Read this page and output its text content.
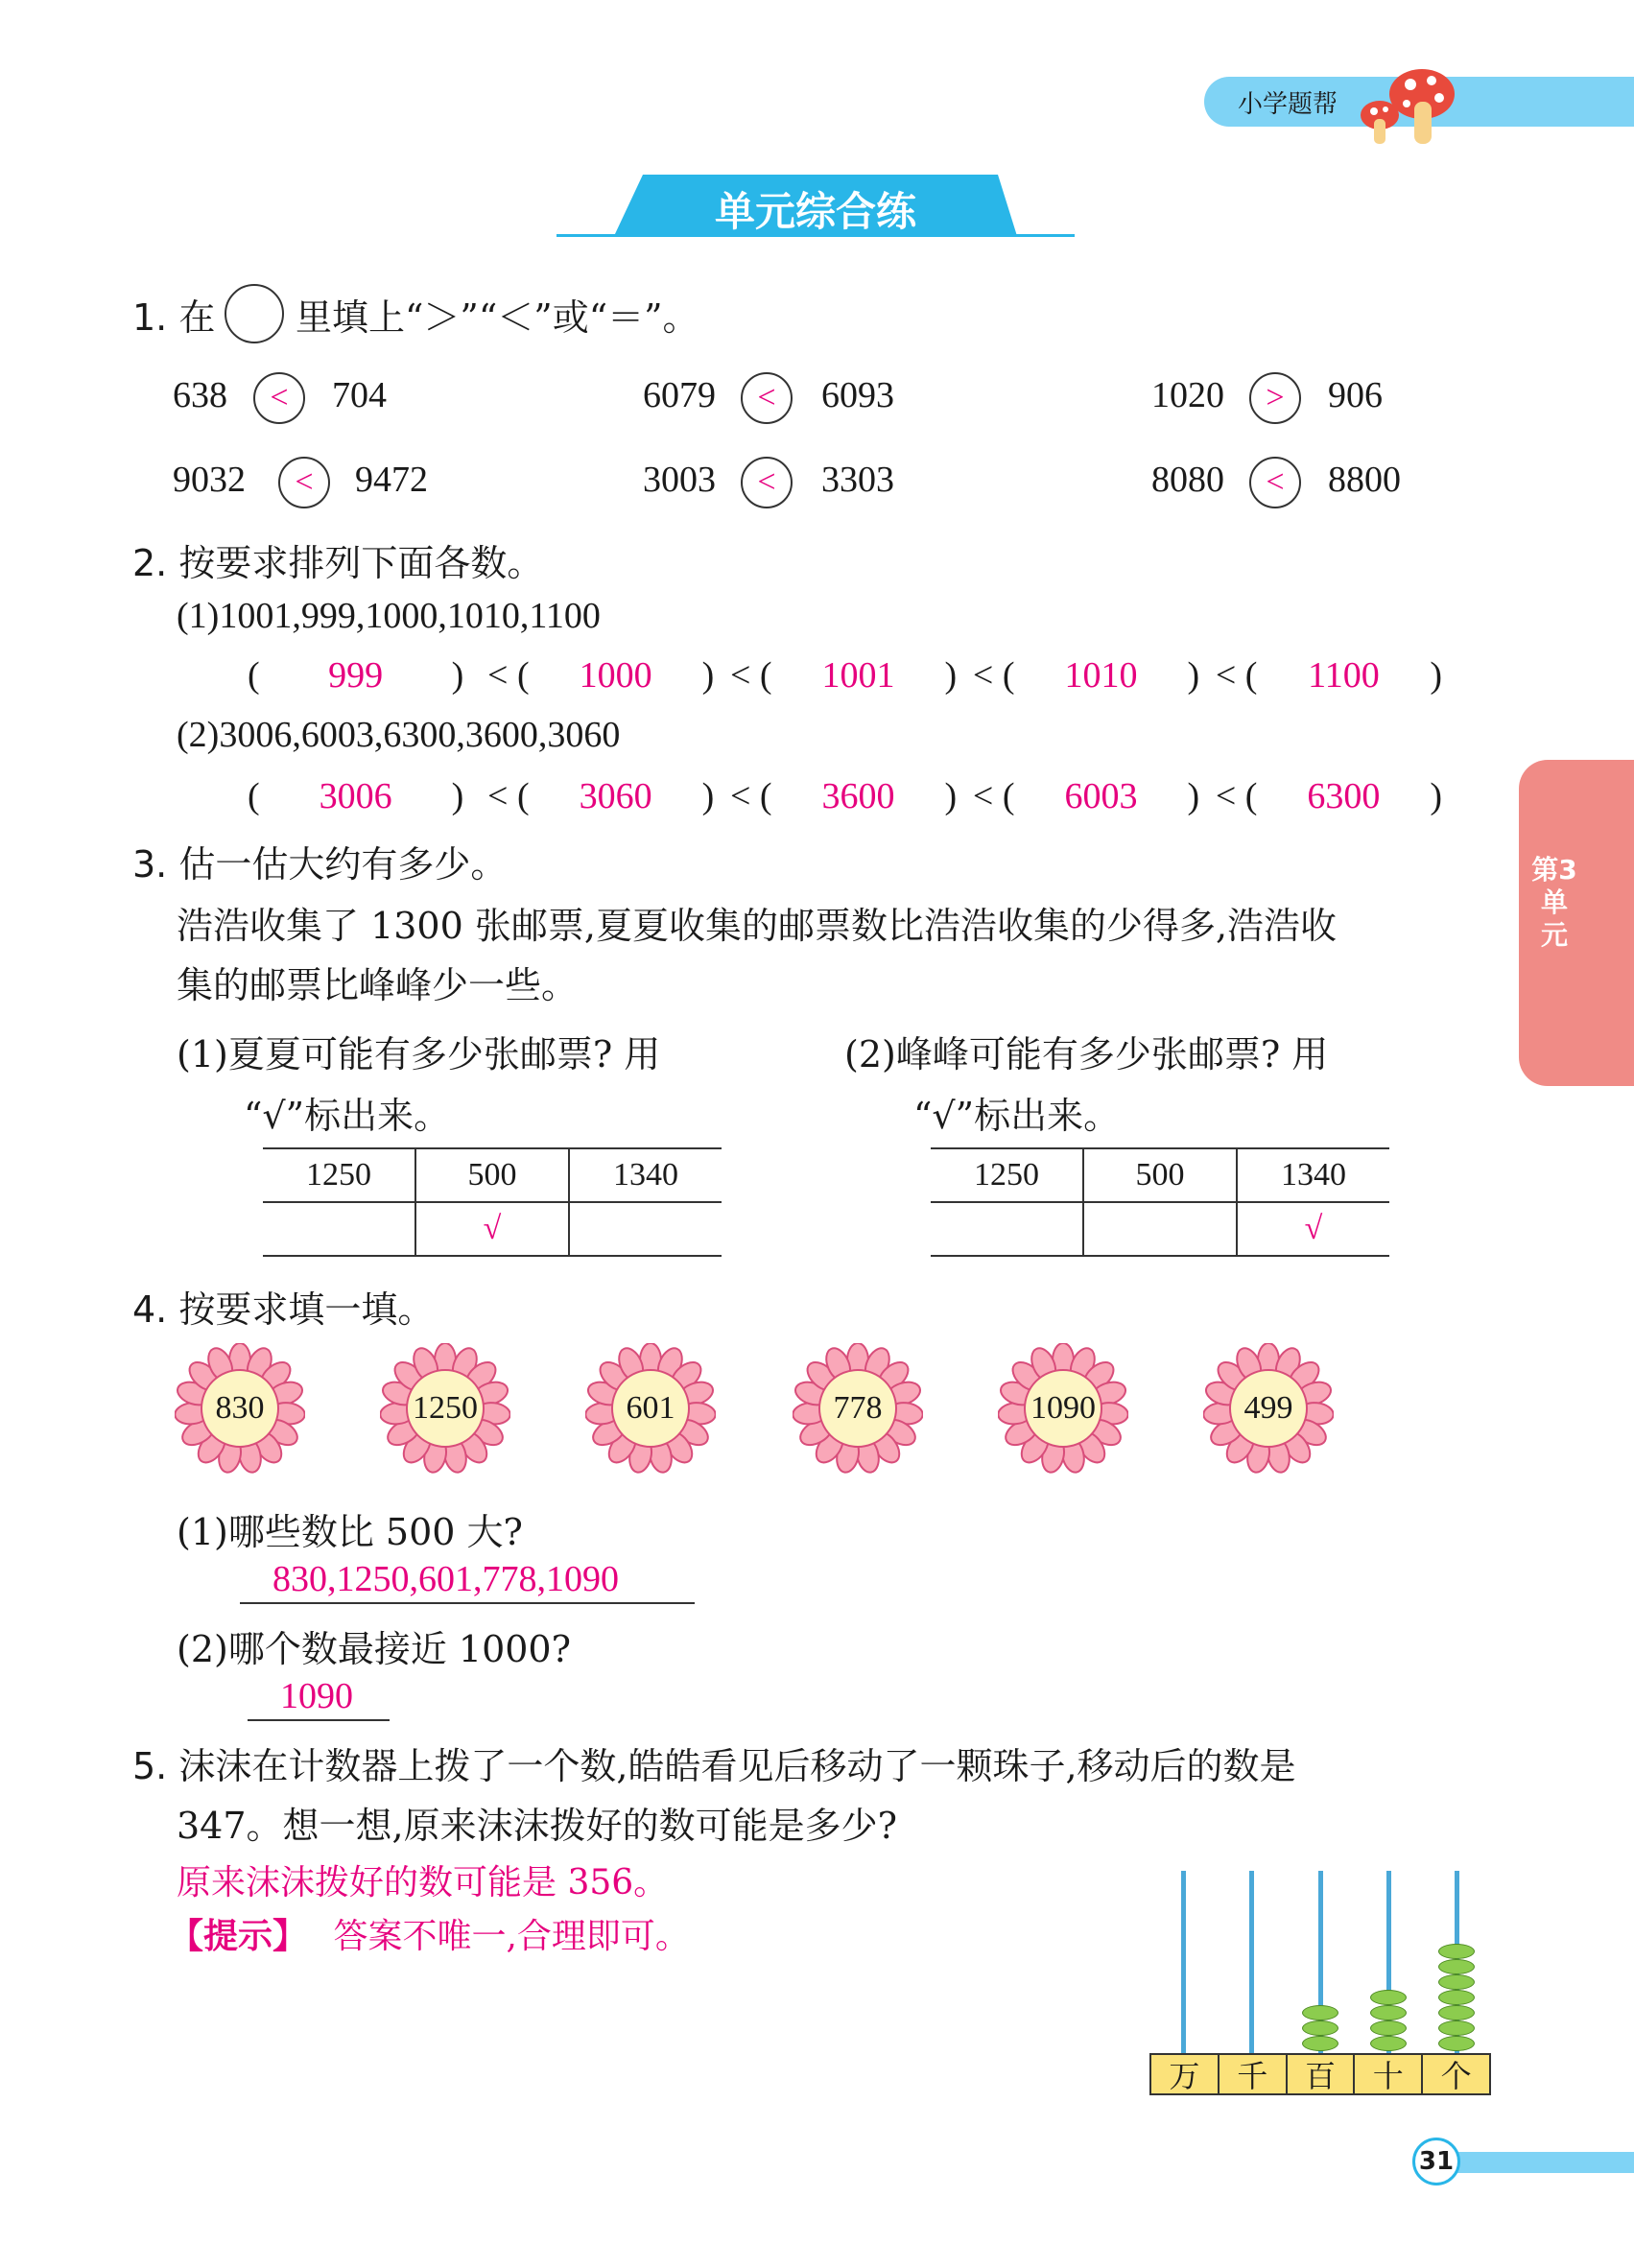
小学题帮
单元综合练
第3单元
1. 在 里填上“＞”“＜”或“＝”。
638	<	704	6079	<	6093	1020	>	906
9032	<	9472	3003	<	3303	8080	<	8800
2. 按要求排列下面各数。
(1)1001,999,1000,1010,1100
( 999 ) < ( 1000 ) < ( 1001 ) < ( 1010 ) < ( 1100 )
(2)3006,6003,6300,3600,3060
( 3006 ) < ( 3060 ) < ( 3600 ) < ( 6003 ) < ( 6300 )
3. 估一估大约有多少。
浩浩收集了 1300 张邮票,夏夏收集的邮票数比浩浩收集的少得多,浩浩收
集的邮票比峰峰少一些。
(1)夏夏可能有多少张邮票? 用
“√”标出来。
1250	500	1340
	√	
(2)峰峰可能有多少张邮票? 用
“√”标出来。
1250	500	1340
		√
4. 按要求填一填。
830	1250	601	778	1090	499
(1)哪些数比 500 大?
830,1250,601,778,1090
(2)哪个数最接近 1000?
1090
5. 沫沫在计数器上拨了一个数,皓皓看见后移动了一颗珠子,移动后的数是
347。想一想,原来沫沫拨好的数可能是多少?
原来沫沫拨好的数可能是 356。
【提示】 答案不唯一,合理即可。
万	千	百	十	个
31
